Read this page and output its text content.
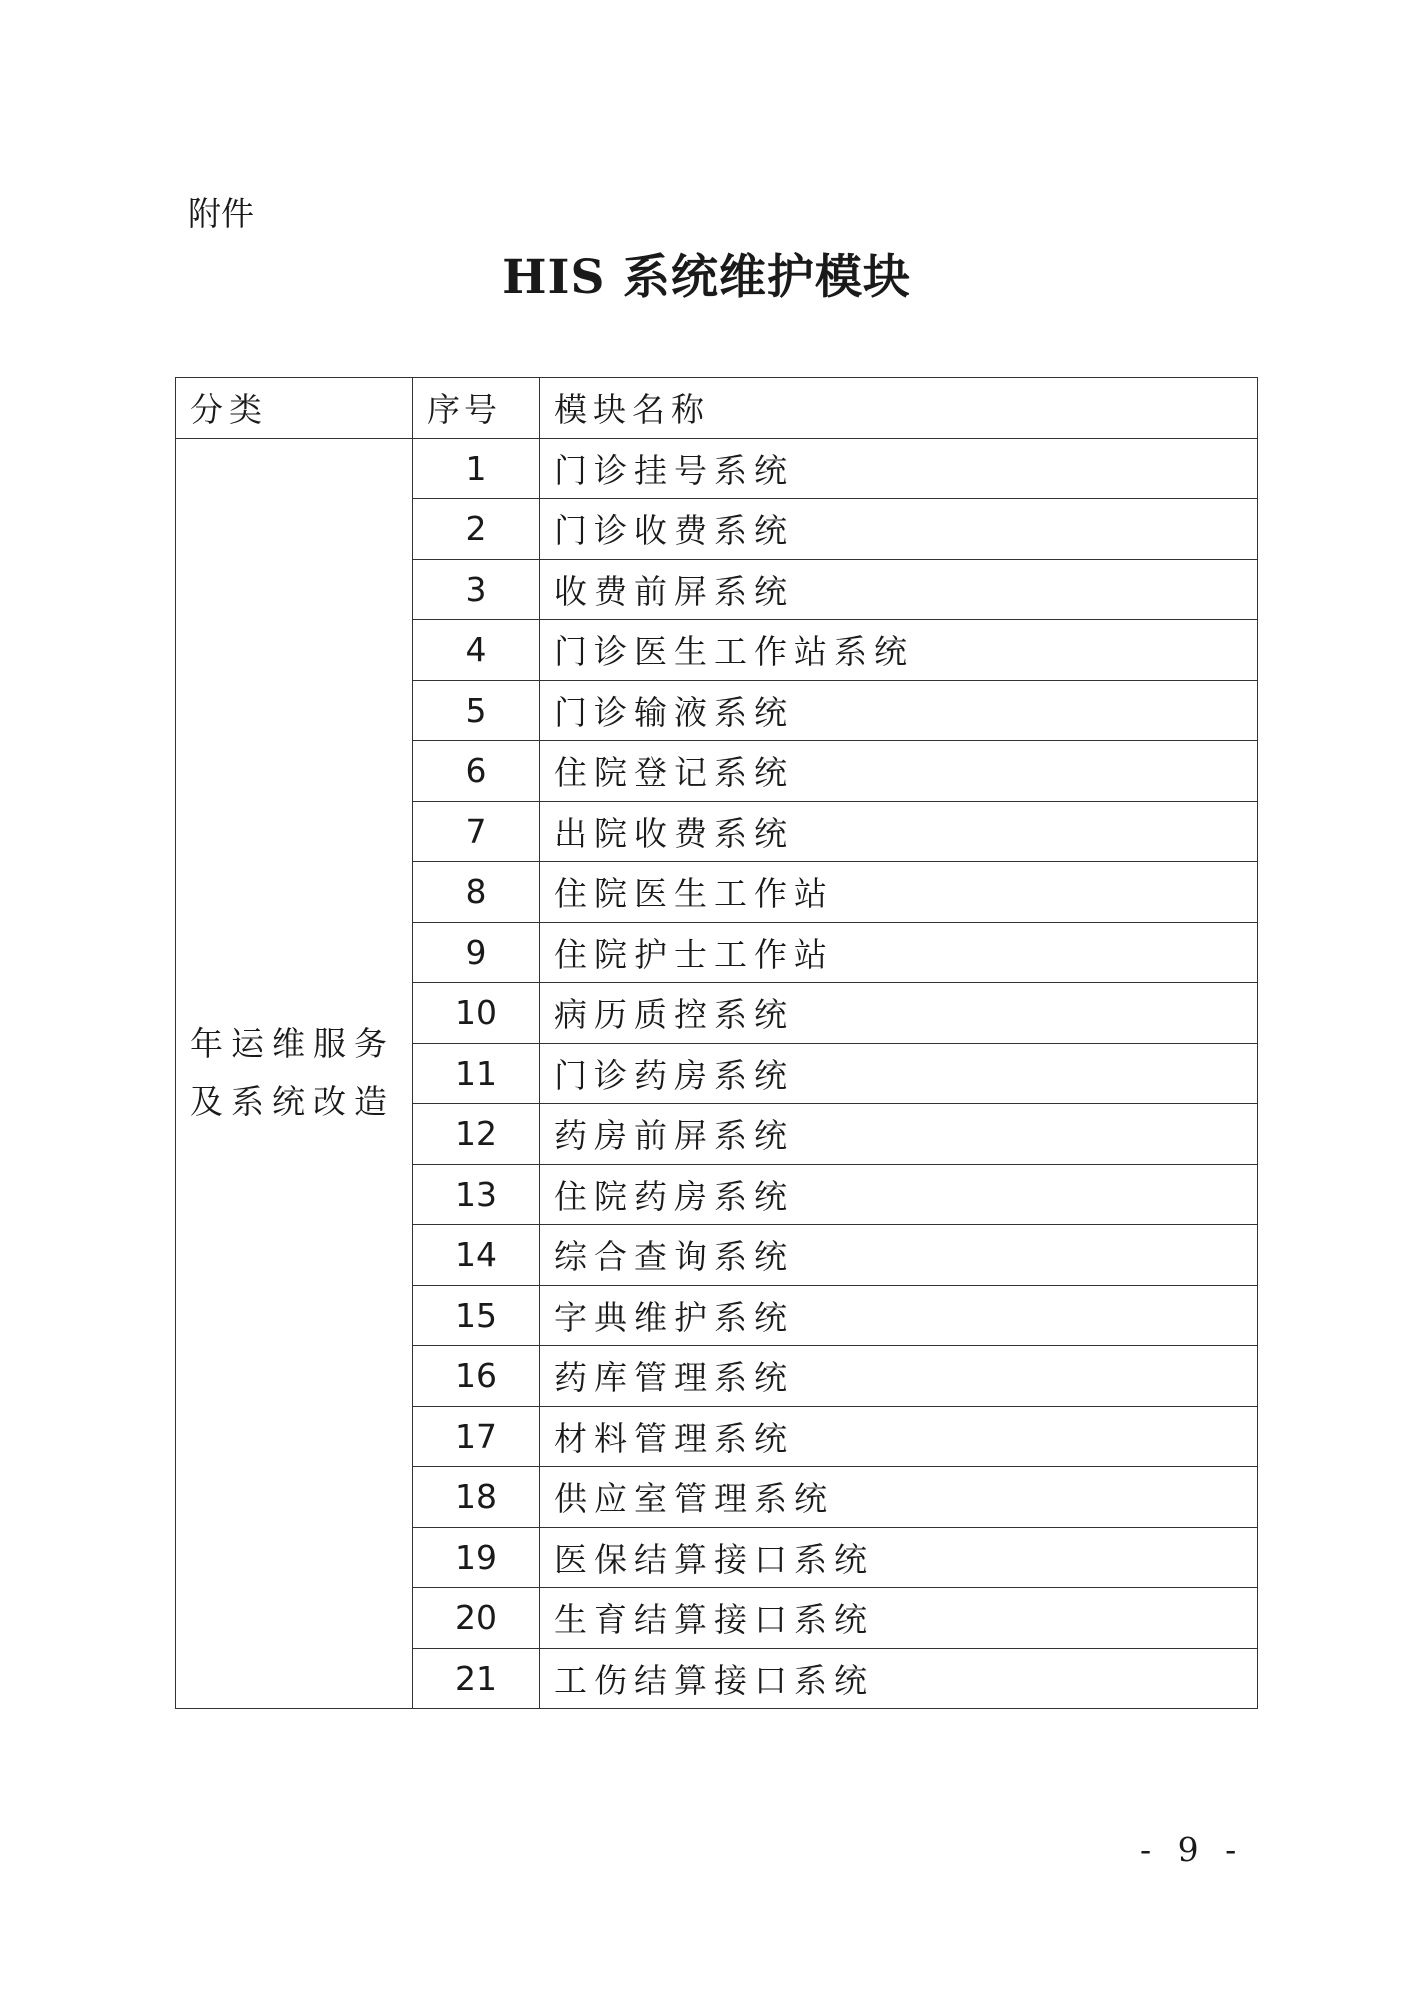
附件
HIS 系统维护模块
分类	序号	模块名称
年运维服务及系统改造	1	门诊挂号系统
	2	门诊收费系统
	3	收费前屏系统
	4	门诊医生工作站系统
	5	门诊输液系统
	6	住院登记系统
	7	出院收费系统
	8	住院医生工作站
	9	住院护士工作站
	10	病历质控系统
	11	门诊药房系统
	12	药房前屏系统
	13	住院药房系统
	14	综合查询系统
	15	字典维护系统
	16	药库管理系统
	17	材料管理系统
	18	供应室管理系统
	19	医保结算接口系统
	20	生育结算接口系统
	21	工伤结算接口系统
- 9 -
